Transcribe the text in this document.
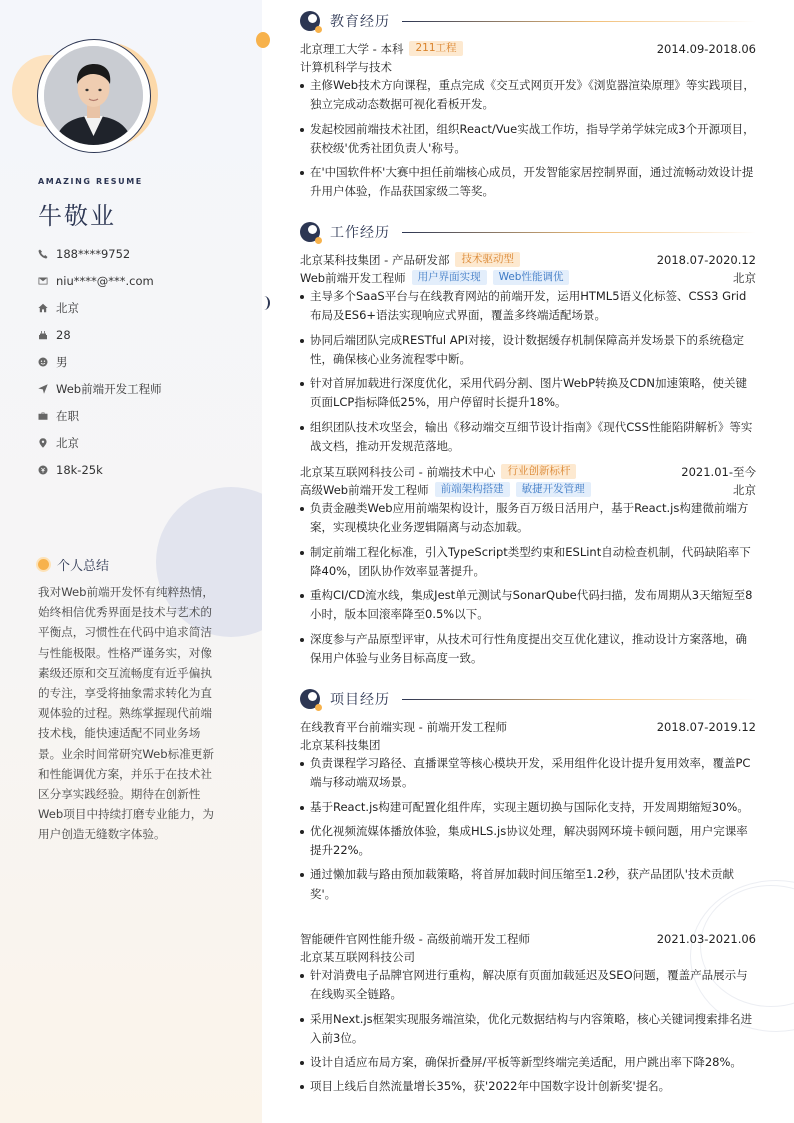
AMAZING RESUME
牛敬业
188****9752
niu****@***.com
北京
28
男
Web前端开发工程师
在职
北京
18k-25k
个人总结
我对Web前端开发怀有纯粹热情，始终相信优秀界面是技术与艺术的平衡点，习惯性在代码中追求简洁与性能极限。性格严谨务实，对像素级还原和交互流畅度有近乎偏执的专注，享受将抽象需求转化为直观体验的过程。熟练掌握现代前端技术栈，能快速适配不同业务场景。业余时间常研究Web标准更新和性能调优方案，并乐于在技术社区分享实践经验。期待在创新性Web项目中持续打磨专业能力，为用户创造无缝数字体验。
教育经历
北京理工大学 - 本科	211工程	2014.09-2018.06
计算机科学与技术
主修Web技术方向课程，重点完成《交互式网页开发》《浏览器渲染原理》等实践项目，独立完成动态数据可视化看板开发。
发起校园前端技术社团，组织React/Vue实战工作坊，指导学弟学妹完成3个开源项目，获校级'优秀社团负责人'称号。
在'中国软件杯'大赛中担任前端核心成员，开发智能家居控制界面，通过流畅动效设计提升用户体验，作品获国家级二等奖。
工作经历
北京某科技集团 - 产品研发部	技术驱动型	2018.07-2020.12
Web前端开发工程师	用户界面实现	Web性能调优	北京
主导多个SaaS平台与在线教育网站的前端开发，运用HTML5语义化标签、CSS3 Grid布局及ES6+语法实现响应式界面，覆盖多终端适配场景。
协同后端团队完成RESTful API对接，设计数据缓存机制保障高并发场景下的系统稳定性，确保核心业务流程零中断。
针对首屏加载进行深度优化，采用代码分割、图片WebP转换及CDN加速策略，使关键页面LCP指标降低25%，用户停留时长提升18%。
组织团队技术攻坚会，输出《移动端交互细节设计指南》《现代CSS性能陷阱解析》等实战文档，推动开发规范落地。
北京某互联网科技公司 - 前端技术中心	行业创新标杆	2021.01-至今
高级Web前端开发工程师	前端架构搭建	敏捷开发管理	北京
负责金融类Web应用前端架构设计，服务百万级日活用户，基于React.js构建微前端方案，实现模块化业务逻辑隔离与动态加载。
制定前端工程化标准，引入TypeScript类型约束和ESLint自动检查机制，代码缺陷率下降40%，团队协作效率显著提升。
重构CI/CD流水线，集成Jest单元测试与SonarQube代码扫描，发布周期从3天缩短至8小时，版本回滚率降至0.5%以下。
深度参与产品原型评审，从技术可行性角度提出交互优化建议，推动设计方案落地，确保用户体验与业务目标高度一致。
项目经历
在线教育平台前端实现 - 前端开发工程师	2018.07-2019.12
北京某科技集团
负责课程学习路径、直播课堂等核心模块开发，采用组件化设计提升复用效率，覆盖PC端与移动端双场景。
基于React.js构建可配置化组件库，实现主题切换与国际化支持，开发周期缩短30%。
优化视频流媒体播放体验，集成HLS.js协议处理，解决弱网环境卡顿问题，用户完课率提升22%。
通过懒加载与路由预加载策略，将首屏加载时间压缩至1.2秒，获产品团队'技术贡献奖'。
智能硬件官网性能升级 - 高级前端开发工程师	2021.03-2021.06
北京某互联网科技公司
针对消费电子品牌官网进行重构，解决原有页面加载延迟及SEO问题，覆盖产品展示与在线购买全链路。
采用Next.js框架实现服务端渲染，优化元数据结构与内容策略，核心关键词搜索排名进入前3位。
设计自适应布局方案，确保折叠屏/平板等新型终端完美适配，用户跳出率下降28%。
项目上线后自然流量增长35%，获'2022年中国数字设计创新奖'提名。
